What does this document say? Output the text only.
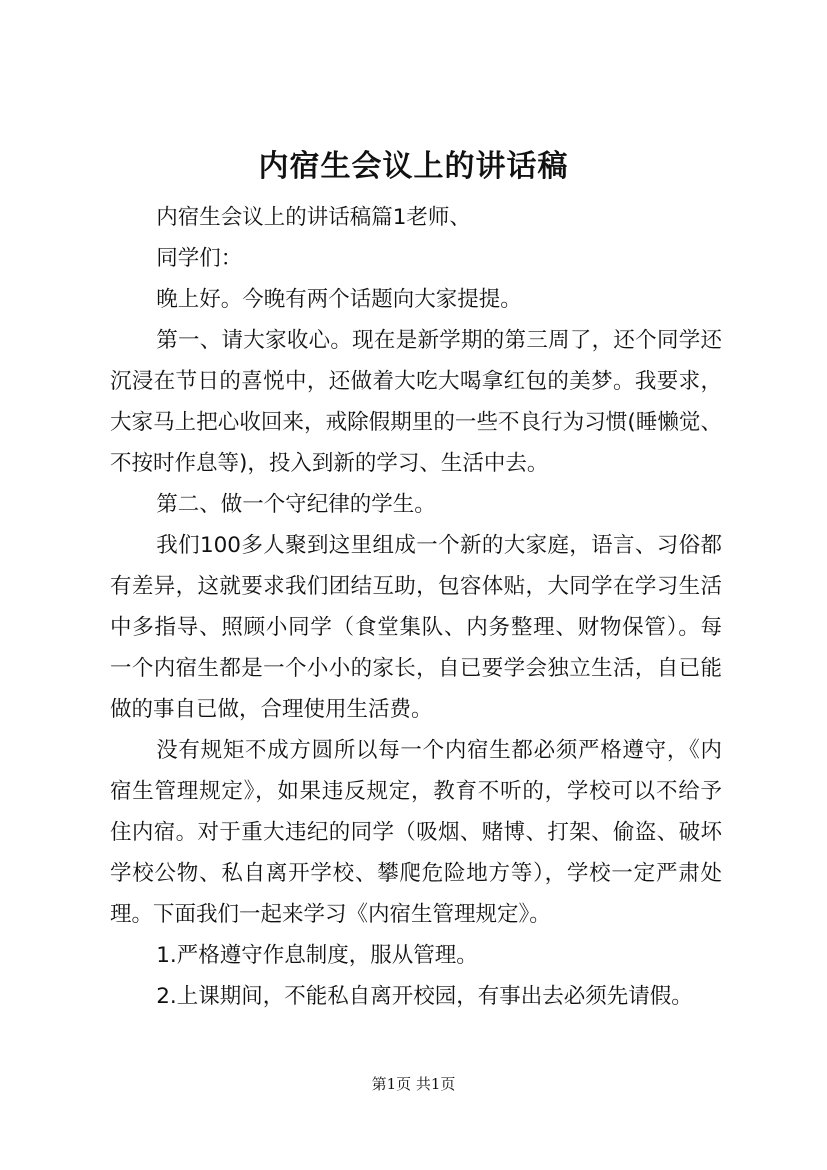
内宿生会议上的讲话稿

内宿生会议上的讲话稿篇1老师、

同学们：

晚上好。今晚有两个话题向大家提提。

第一、请大家收心。现在是新学期的第三周了，还个同学还沉浸在节日的喜悦中，还做着大吃大喝拿红包的美梦。我要求，大家马上把心收回来，戒除假期里的一些不良行为习惯(睡懒觉、不按时作息等)，投入到新的学习、生活中去。

第二、做一个守纪律的学生。

我们100多人聚到这里组成一个新的大家庭，语言、习俗都有差异，这就要求我们团结互助，包容体贴，大同学在学习生活中多指导、照顾小同学（食堂集队、内务整理、财物保管）。每一个内宿生都是一个小小的家长，自已要学会独立生活，自已能做的事自已做，合理使用生活费。

没有规矩不成方圆所以每一个内宿生都必须严格遵守，《内宿生管理规定》，如果违反规定，教育不听的，学校可以不给予住内宿。对于重大违纪的同学（吸烟、赌博、打架、偷盗、破坏学校公物、私自离开学校、攀爬危险地方等），学校一定严肃处理。下面我们一起来学习《内宿生管理规定》。

1.严格遵守作息制度，服从管理。

2.上课期间，不能私自离开校园，有事出去必须先请假。

第1页 共1页
